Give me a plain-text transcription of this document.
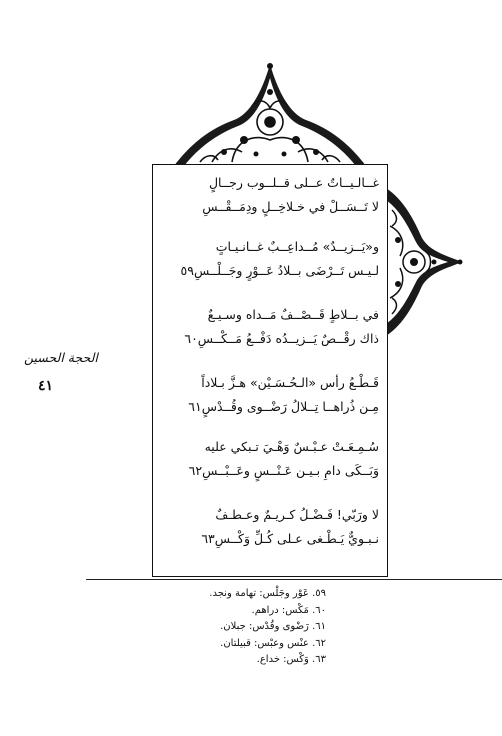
غــالـيــاتٌ عــلى قــلــوب رجــالٍ
لا تَــسَــلْ في خـلاخِــلٍ ودِمَــقْــسِ
و«يَــزيــدٌ» مُــداعِــبٌ غــانـيـاتٍ
لـيـس تَــرْضَى بــلادُ عَــوْرٍ وجَــلْــسِ٥٩
في بــلاطٍ قَــصْــفٌ مَــداه وسـيـعٌ
ذاك رقْــصٌ يَــزيــدُه دَفْــعُ مَــكْــسِ٦٠
قَـطْـعُ رأس «الـحُـسَـيْن» هـزَّ بـلاداً
مِـن ذُراهــا تِــلالُ رَضْــوى وقُــدْسٍ٦١
سُـمِـعَـتْ عـبْـسٌ وَهْـيَ تـبكي عليه
وَبَــكَى دامِ بـيـن عَـنْــسٍ وعَــبْــسِ٦٢
لا ورَبّي! فَـضْـلُ كـريـمٌ وعـطـفٌ
نـبـويٌّ يَـطْـغى عـلى كُـلِّ وَكْــسِ٦٣
الحجة الحسين
٤١
٥٩. عَوْر وجَلْس: تهامة ونجد.
٦٠. مَكْس: دراهم.
٦١. رَضْوى وقُدْس: جبلان.
٦٢. عنْس وعبْس: قبيلتان.
٦٣. وَكْس: خداع.
